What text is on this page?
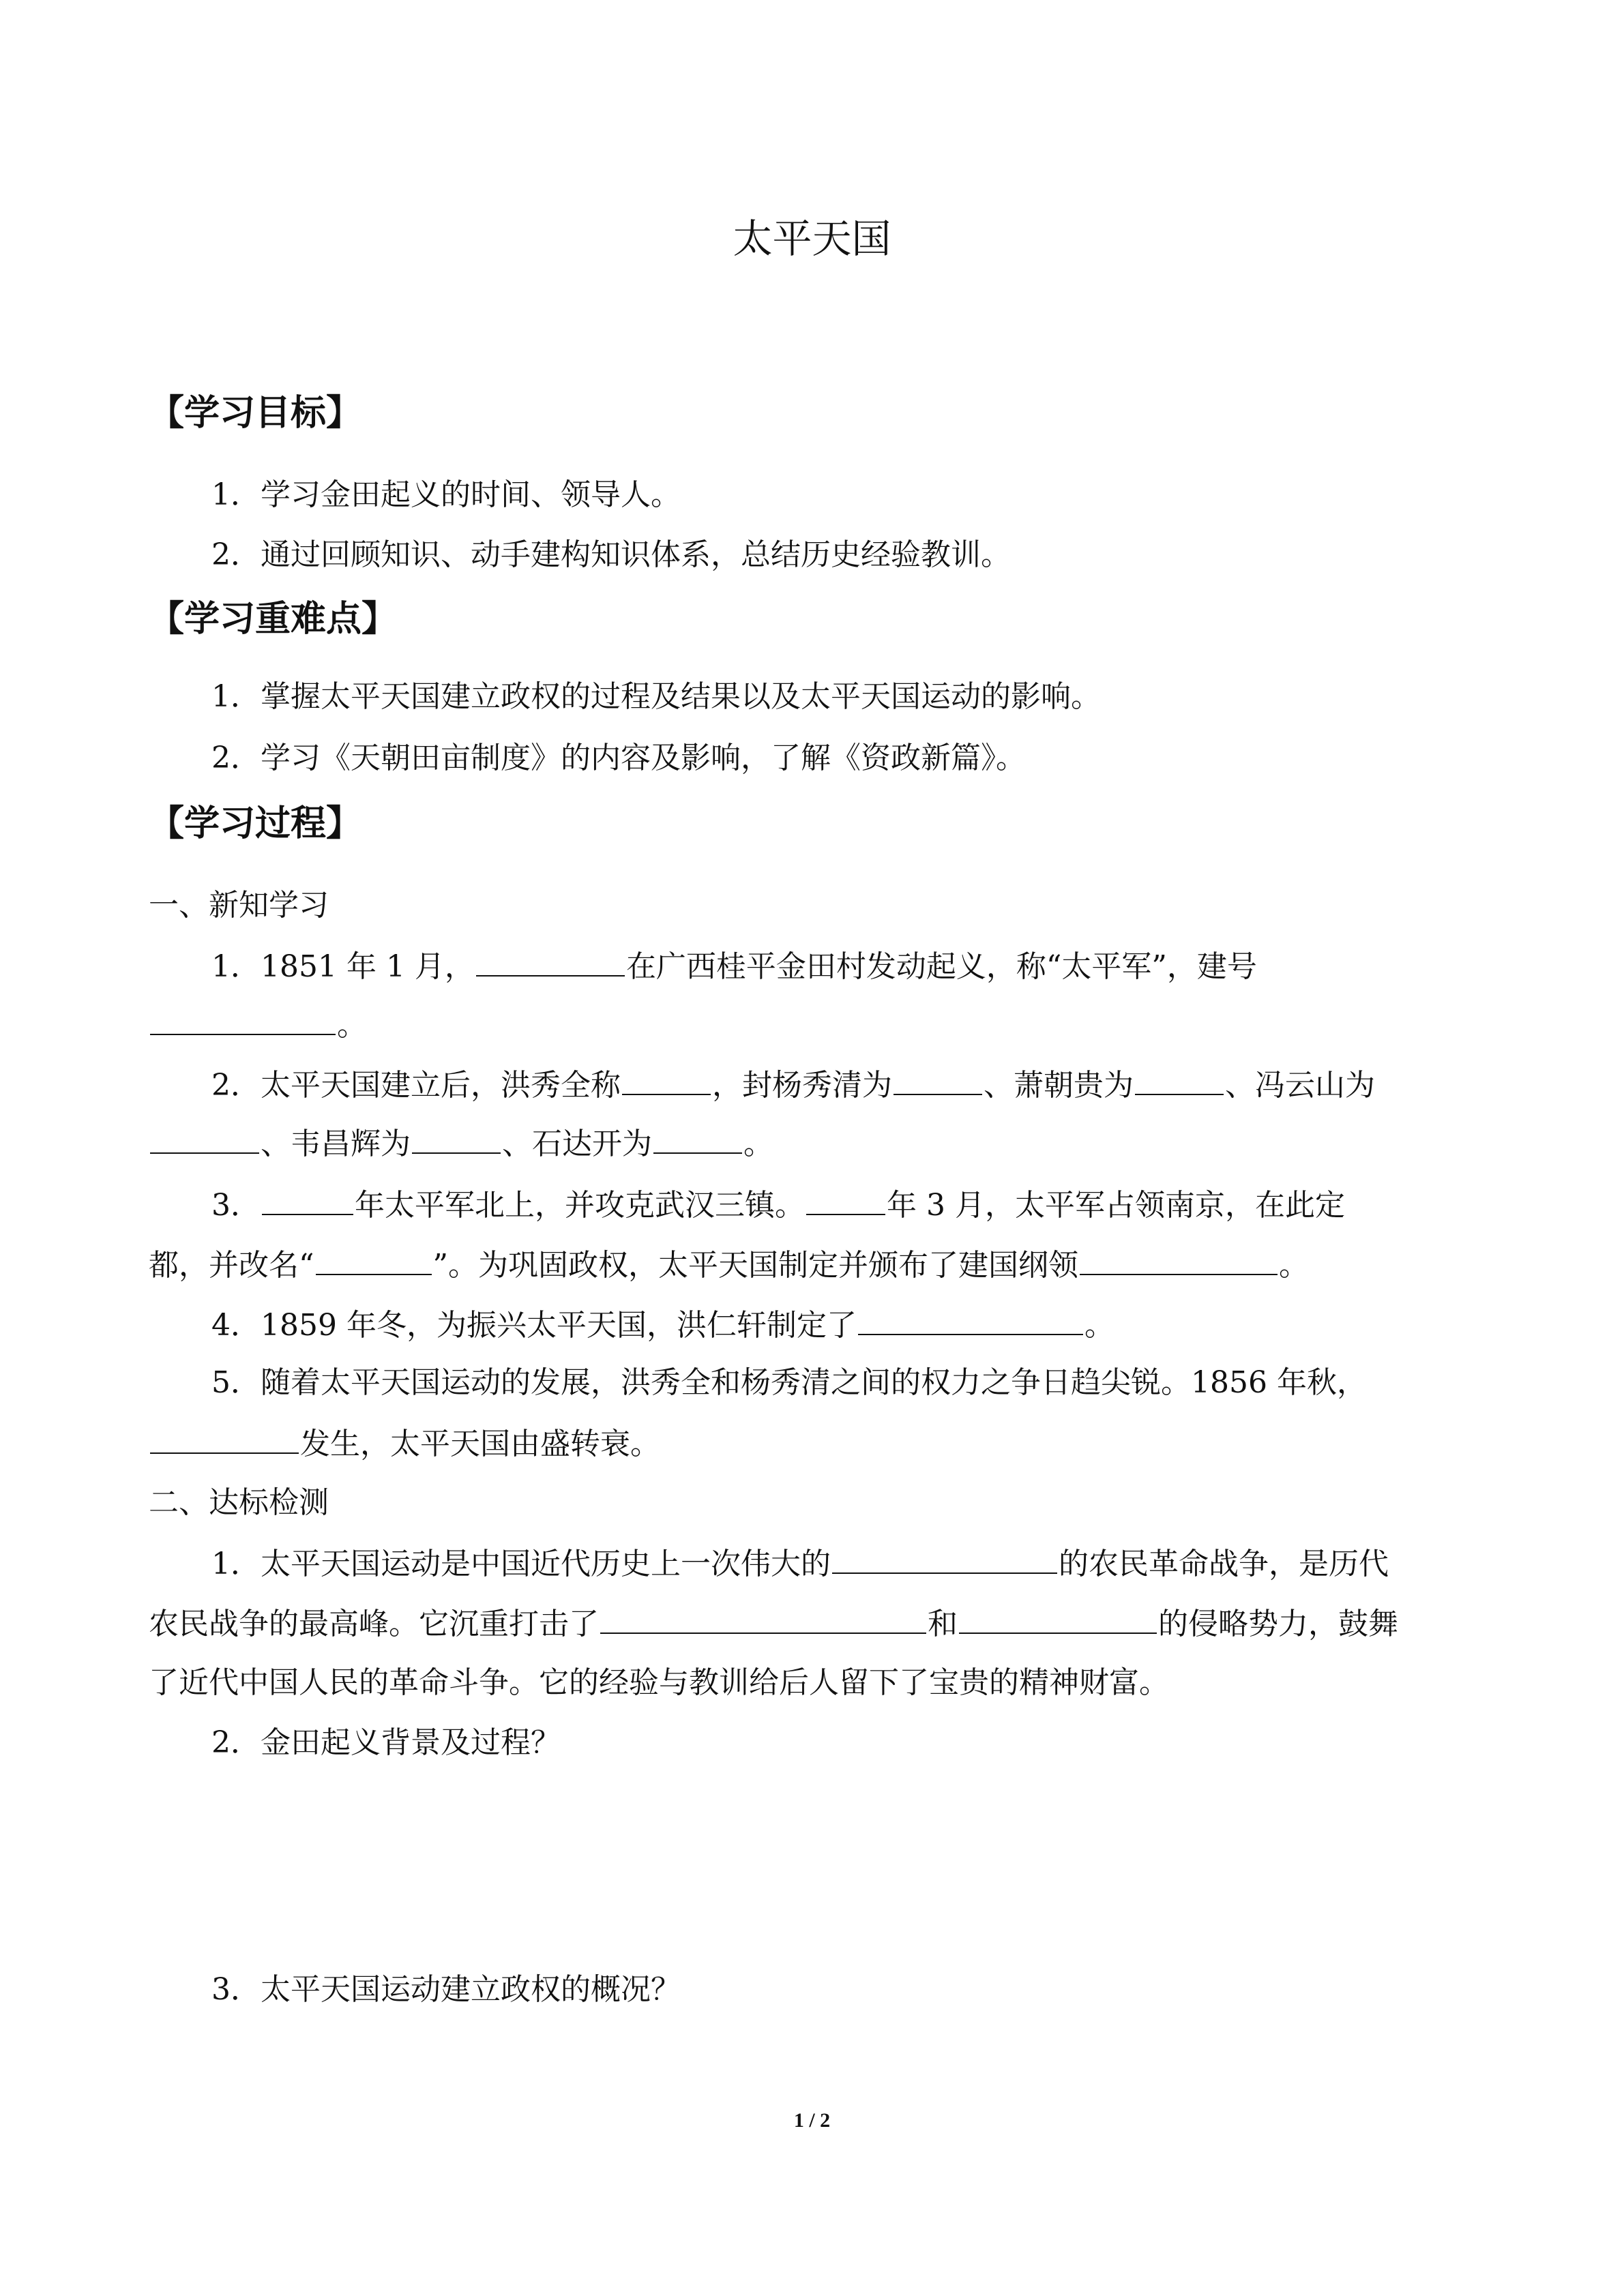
太平天国
【学习目标】

1．学习金田起义的时间、领导人。

2．通过回顾知识、动手建构知识体系，总结历史经验教训。

【学习重难点】

1．掌握太平天国建立政权的过程及结果以及太平天国运动的影响。

2．学习《天朝田亩制度》的内容及影响，了解《资政新篇》。

【学习过程】

一、新知学习

1．1851 年 1 月，	在广西桂平金田村发动起义，称“太平军”，建号

。

2．太平天国建立后，洪秀全称	，封杨秀清为	、萧朝贵为	、冯云山为

、韦昌辉为	、石达开为	。

3．	年太平军北上，并攻克武汉三镇。	年 3 月，太平军占领南京，在此定

都，并改名“	”。为巩固政权，太平天国制定并颁布了建国纲领	。

4．1859 年冬，为振兴太平天国，洪仁轩制定了	。

5．随着太平天国运动的发展，洪秀全和杨秀清之间的权力之争日趋尖锐。1856 年秋，

发生，太平天国由盛转衰。

二、达标检测

1．太平天国运动是中国近代历史上一次伟大的	的农民革命战争，是历代

农民战争的最高峰。它沉重打击了	和	的侵略势力，鼓舞

了近代中国人民的革命斗争。它的经验与教训给后人留下了宝贵的精神财富。

2．金田起义背景及过程？

3．太平天国运动建立政权的概况？

1 / 2
